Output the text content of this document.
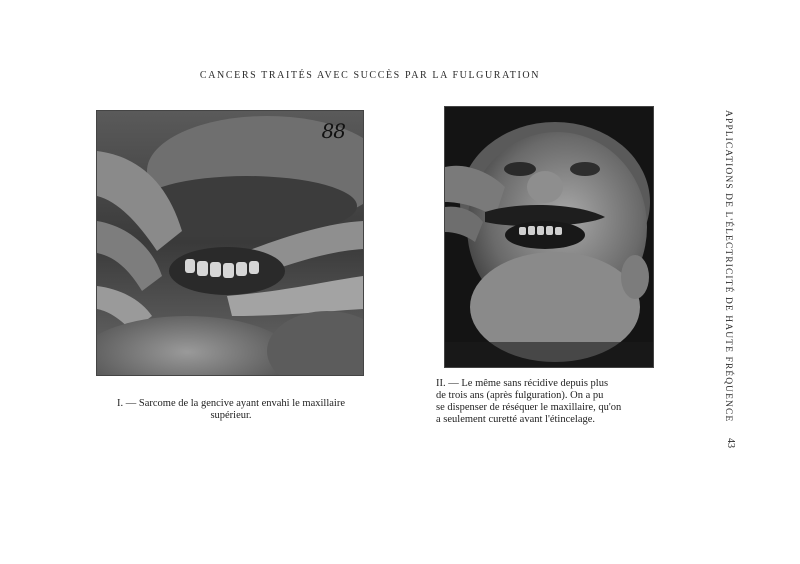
CANCERS TRAITÉS AVEC SUCCÈS PAR LA FULGURATION
88
I. — Sarcome de la gencive ayant envahi le maxillaire supérieur.
II. — Le même sans récidive depuis plus
de trois ans (après fulguration). On a pu
se dispenser de réséquer le maxillaire, qu'on
a seulement curetté avant l'étincelage.	APPLICATIONS DE L'ÉLECTRICITÉ DE HAUTE FRÉQUENCE
43
